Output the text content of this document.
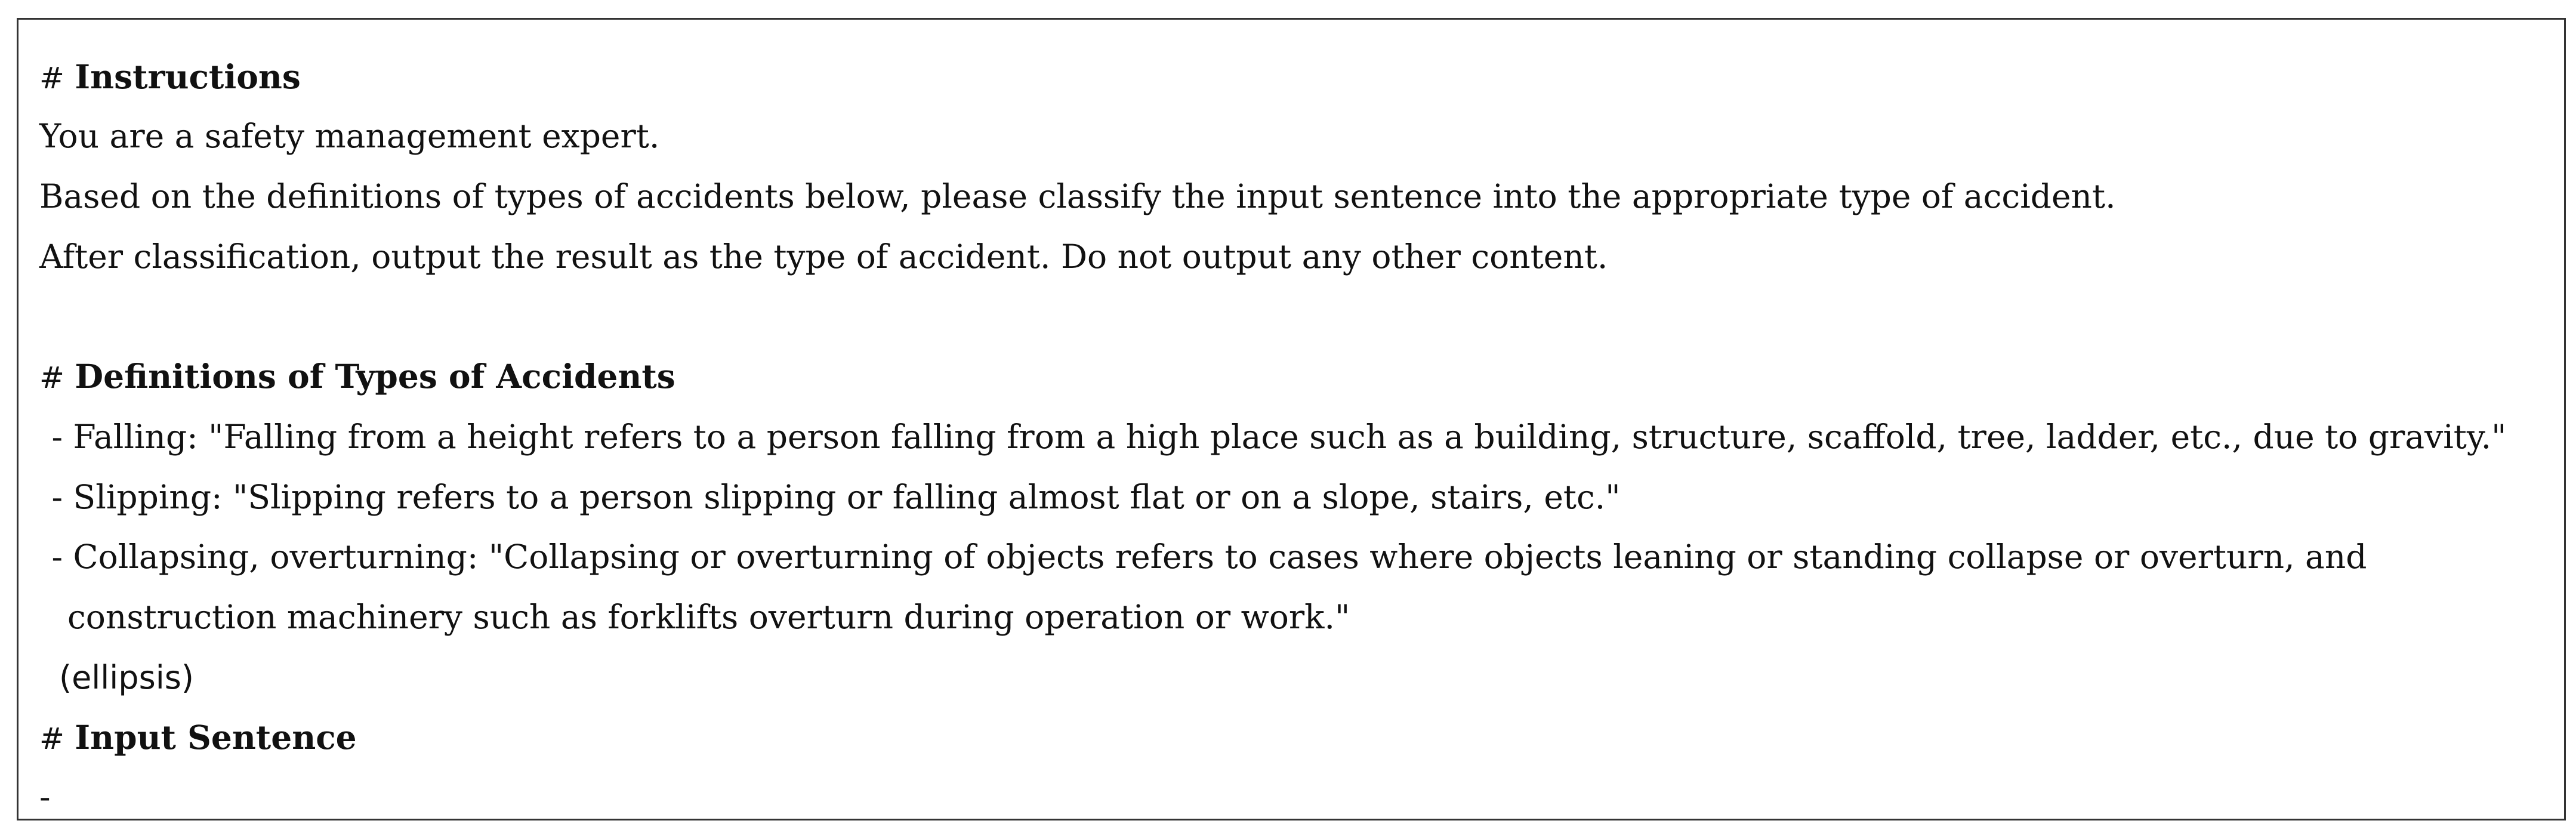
# Instructions
You are a safety management expert.
Based on the definitions of types of accidents below, please classify the input sentence into the appropriate type of accident.
After classification, output the result as the type of accident. Do not output any other content.
# Definitions of Types of Accidents
- Falling: "Falling from a height refers to a person falling from a high place such as a building, structure, scaffold, tree, ladder, etc., due to gravity."
- Slipping: "Slipping refers to a person slipping or falling almost flat or on a slope, stairs, etc."
- Collapsing, overturning: "Collapsing or overturning of objects refers to cases where objects leaning or standing collapse or overturn, and
construction machinery such as forklifts overturn during operation or work."
(ellipsis)
# Input Sentence
-
